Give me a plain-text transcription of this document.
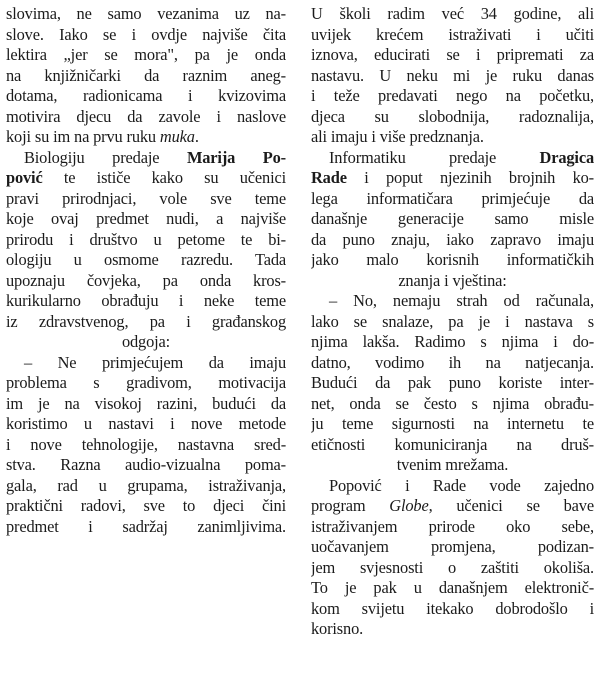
slovima, ne samo vezanima uz na-
slove. Iako se i ovdje najviše čita
lektira „jer se mora", pa je onda
na knjižničarki da raznim aneg-
dotama, radionicama i kvizovima
motivira djecu da zavole i naslove
koji su im na prvu ruku muka.
Biologiju predaje Marija Po-
pović te ističe kako su učenici
pravi prirodnjaci, vole sve teme
koje ovaj predmet nudi, a najviše
prirodu i društvo u petome te bi-
ologiju u osmome razredu. Tada
upoznaju čovjeka, pa onda kros-
kurikularno obrađuju i neke teme
iz zdravstvenog, pa i građanskog
odgoja:
– Ne primjećujem da imaju
problema s gradivom, motivacija
im je na visokoj razini, budući da
koristimo u nastavi i nove metode
i nove tehnologije, nastavna sred-
stva. Razna audio-vizualna poma-
gala, rad u grupama, istraživanja,
praktični radovi, sve to djeci čini
predmet i sadržaj zanimljivima.
U školi radim već 34 godine, ali
uvijek krećem istraživati i učiti
iznova, educirati se i pripremati za
nastavu. U neku mi je ruku danas
i teže predavati nego na početku,
djeca su slobodnija, radoznalija,
ali imaju i više predznanja.
Informatiku predaje Dragica
Rade i poput njezinih brojnih ko-
lega informatičara primjećuje da
današnje generacije samo misle
da puno znaju, iako zapravo imaju
jako malo korisnih informatičkih
znanja i vještina:
– No, nemaju strah od računala,
lako se snalaze, pa je i nastava s
njima lakša. Radimo s njima i do-
datno, vodimo ih na natjecanja.
Budući da pak puno koriste inter-
net, onda se često s njima obrađu-
ju teme sigurnosti na internetu te
etičnosti komuniciranja na druš-
tvenim mrežama.
Popović i Rade vode zajedno
program Globe, učenici se bave
istraživanjem prirode oko sebe,
uočavanjem promjena, podizan-
jem svjesnosti o zaštiti okoliša.
To je pak u današnjem elektronič-
kom svijetu itekako dobrodošlo i
korisno.
